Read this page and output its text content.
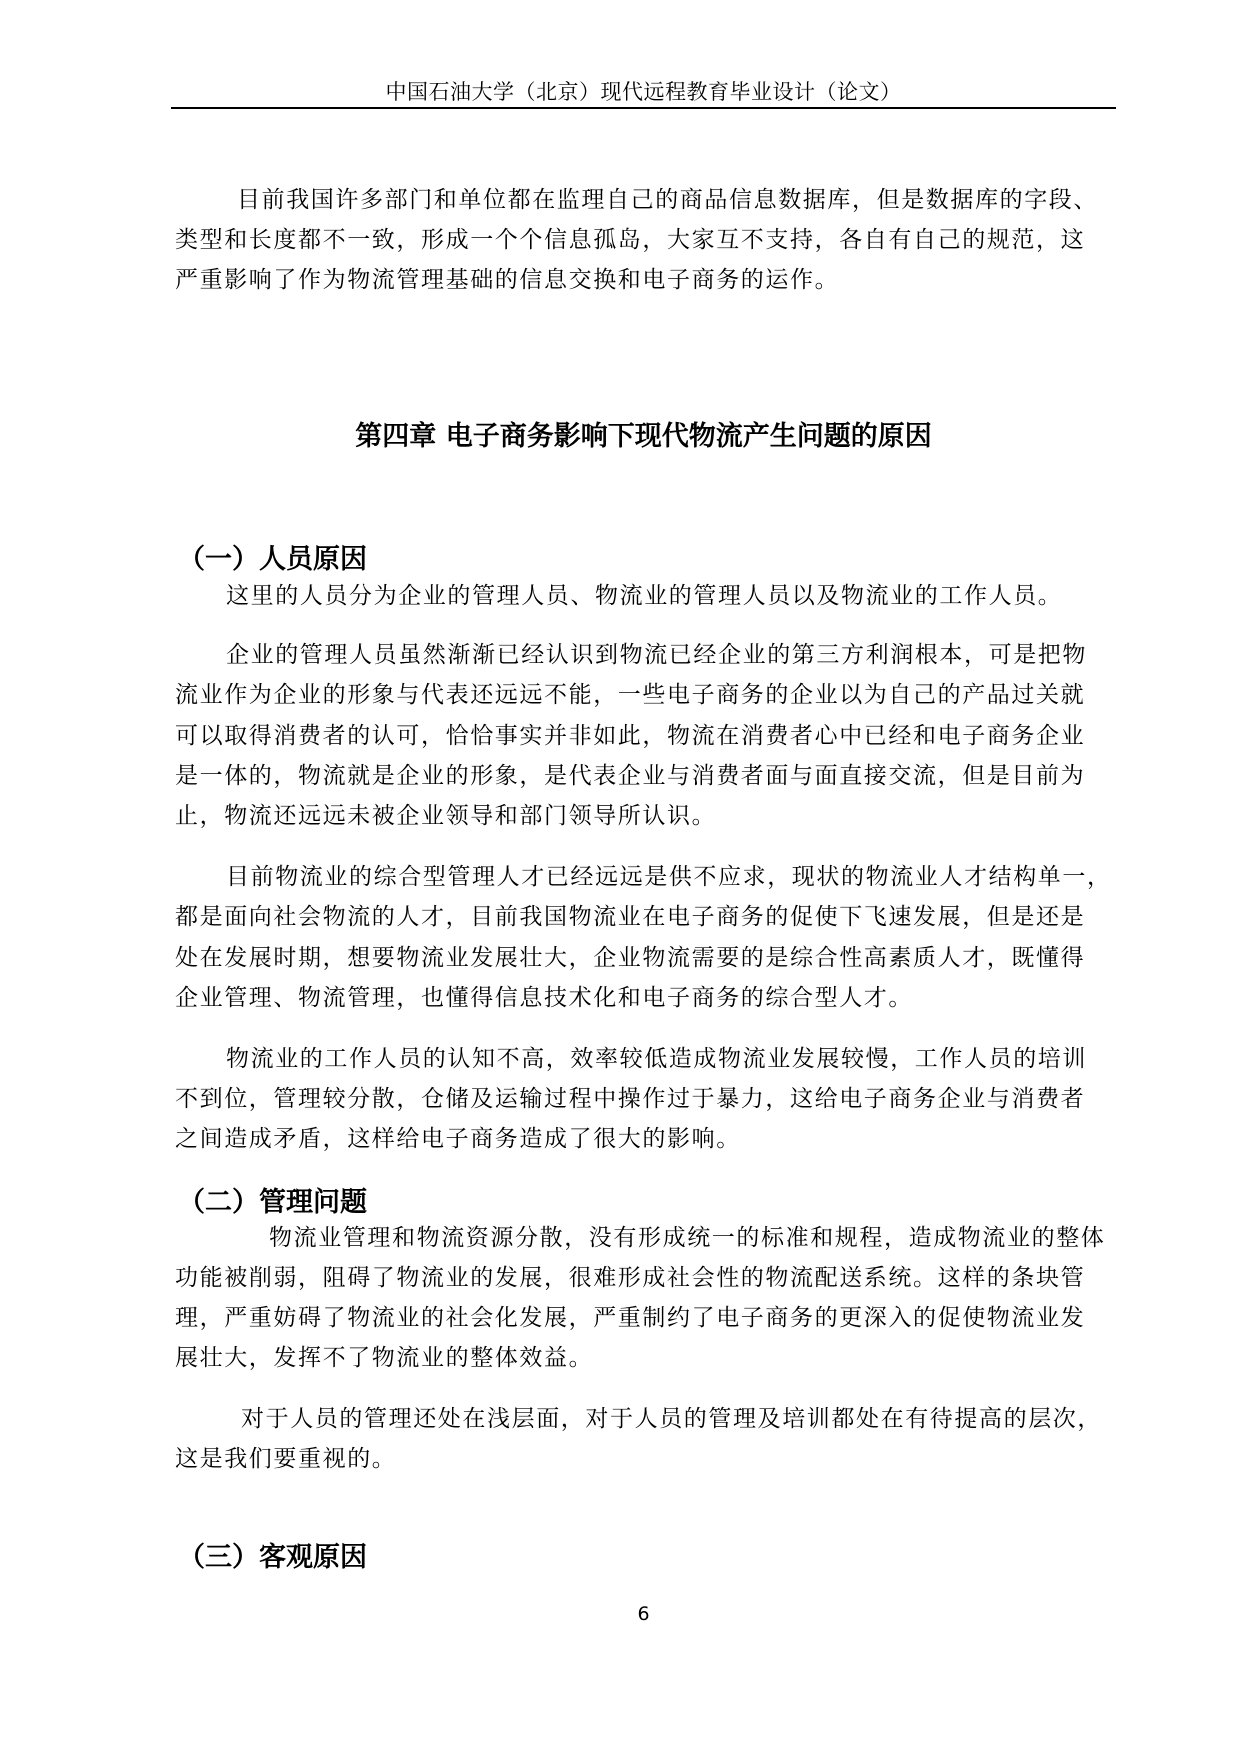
中国石油大学（北京）现代远程教育毕业设计（论文）
目前我国许多部门和单位都在监理自己的商品信息数据库，但是数据库的字段、
类型和长度都不一致，形成一个个信息孤岛，大家互不支持，各自有自己的规范，这
严重影响了作为物流管理基础的信息交换和电子商务的运作。
第四章 电子商务影响下现代物流产生问题的原因
（一）人员原因
这里的人员分为企业的管理人员、物流业的管理人员以及物流业的工作人员。
企业的管理人员虽然渐渐已经认识到物流已经企业的第三方利润根本，可是把物
流业作为企业的形象与代表还远远不能，一些电子商务的企业以为自己的产品过关就
可以取得消费者的认可，恰恰事实并非如此，物流在消费者心中已经和电子商务企业
是一体的，物流就是企业的形象，是代表企业与消费者面与面直接交流，但是目前为
止，物流还远远未被企业领导和部门领导所认识。
目前物流业的综合型管理人才已经远远是供不应求，现状的物流业人才结构单一，
都是面向社会物流的人才，目前我国物流业在电子商务的促使下飞速发展，但是还是
处在发展时期，想要物流业发展壮大，企业物流需要的是综合性高素质人才，既懂得
企业管理、物流管理，也懂得信息技术化和电子商务的综合型人才。
物流业的工作人员的认知不高，效率较低造成物流业发展较慢，工作人员的培训
不到位，管理较分散，仓储及运输过程中操作过于暴力，这给电子商务企业与消费者
之间造成矛盾，这样给电子商务造成了很大的影响。
（二）管理问题
物流业管理和物流资源分散，没有形成统一的标准和规程，造成物流业的整体
功能被削弱，阻碍了物流业的发展，很难形成社会性的物流配送系统。这样的条块管
理，严重妨碍了物流业的社会化发展，严重制约了电子商务的更深入的促使物流业发
展壮大，发挥不了物流业的整体效益。
对于人员的管理还处在浅层面，对于人员的管理及培训都处在有待提高的层次，
这是我们要重视的。
（三）客观原因
6
